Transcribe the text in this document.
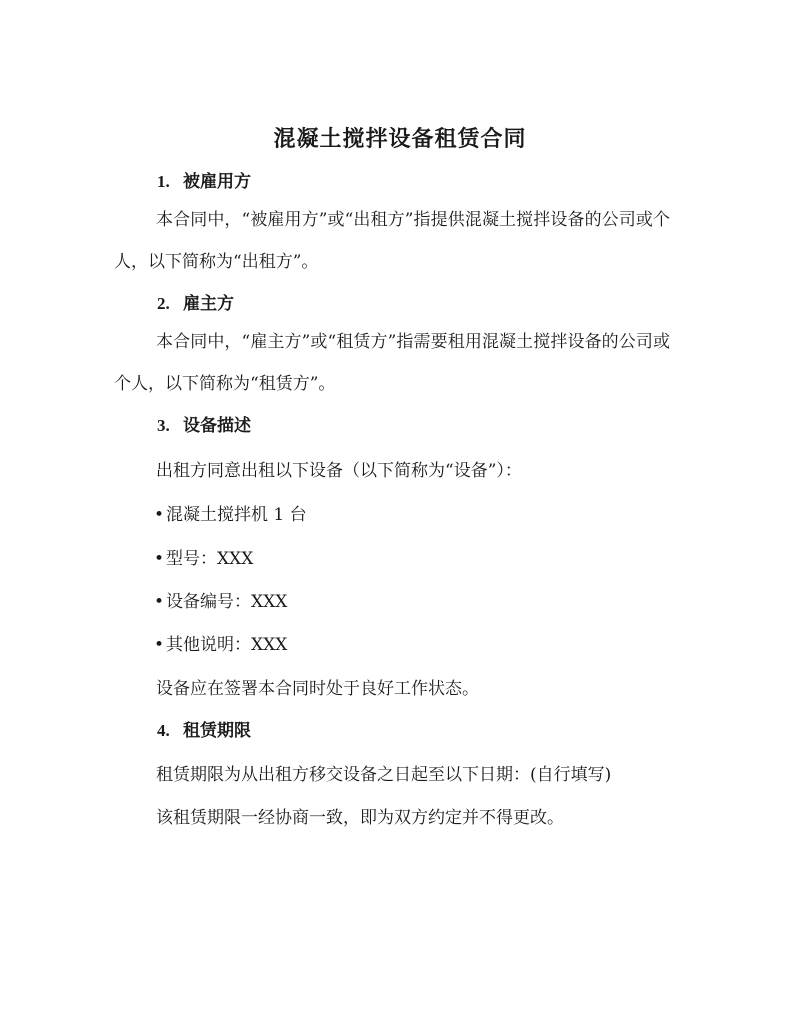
混凝土搅拌设备租赁合同
1. 被雇用方
本合同中，“被雇用方”或“出租方”指提供混凝土搅拌设备的公司或个人，以下简称为“出租方”。
2. 雇主方
本合同中，“雇主方”或“租赁方”指需要租用混凝土搅拌设备的公司或个人，以下简称为“租赁方”。
3. 设备描述
出租方同意出租以下设备（以下简称为“设备”）：
• 混凝土搅拌机 1 台
• 型号：XXX
• 设备编号：XXX
• 其他说明：XXX
设备应在签署本合同时处于良好工作状态。
4. 租赁期限
租赁期限为从出租方移交设备之日起至以下日期：(自行填写)
该租赁期限一经协商一致，即为双方约定并不得更改。
